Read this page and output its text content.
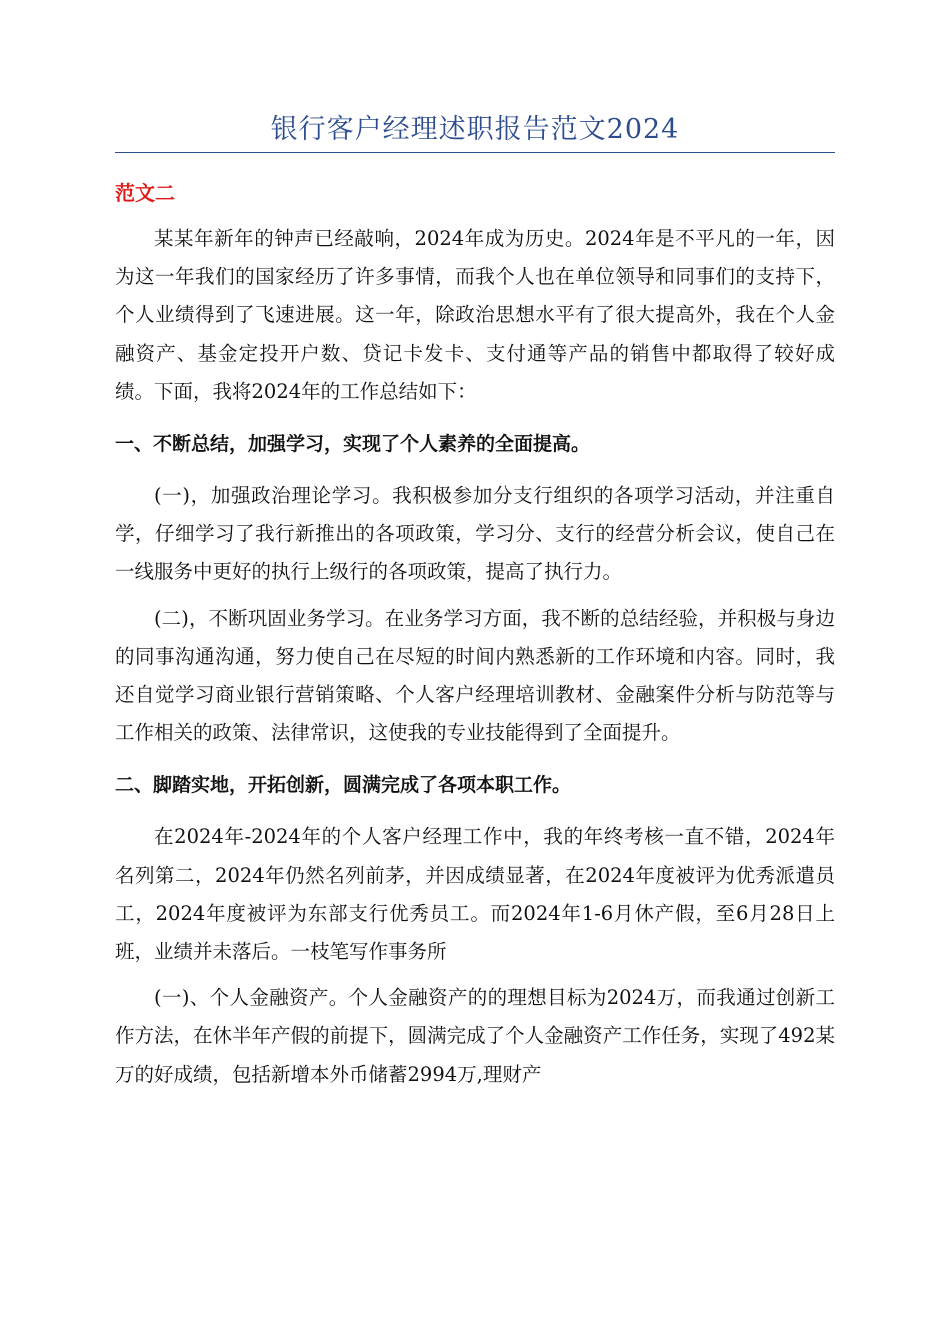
银行客户经理述职报告范文2024
范文二

某某年新年的钟声已经敲响，2024年成为历史。2024年是不平凡的一年，因为这一年我们的国家经历了许多事情，而我个人也在单位领导和同事们的支持下，个人业绩得到了飞速进展。这一年，除政治思想水平有了很大提高外，我在个人金融资产、基金定投开户数、贷记卡发卡、支付通等产品的销售中都取得了较好成绩。下面，我将2024年的工作总结如下：

一、不断总结，加强学习，实现了个人素养的全面提高。

(一)，加强政治理论学习。我积极参加分支行组织的各项学习活动，并注重自学，仔细学习了我行新推出的各项政策，学习分、支行的经营分析会议，使自己在一线服务中更好的执行上级行的各项政策，提高了执行力。

(二)，不断巩固业务学习。在业务学习方面，我不断的总结经验，并积极与身边的同事沟通沟通，努力使自己在尽短的时间内熟悉新的工作环境和内容。同时，我还自觉学习商业银行营销策略、个人客户经理培训教材、金融案件分析与防范等与工作相关的政策、法律常识，这使我的专业技能得到了全面提升。

二、脚踏实地，开拓创新，圆满完成了各项本职工作。

在2024年-2024年的个人客户经理工作中，我的年终考核一直不错，2024年名列第二，2024年仍然名列前茅，并因成绩显著，在2024年度被评为优秀派遣员工，2024年度被评为东部支行优秀员工。而2024年1-6月休产假，至6月28日上班，业绩并未落后。一枝笔写作事务所

(一)、个人金融资产。个人金融资产的的理想目标为2024万，而我通过创新工作方法，在休半年产假的前提下，圆满完成了个人金融资产工作任务，实现了492某万的好成绩，包括新增本外币储蓄2994万,理财产
